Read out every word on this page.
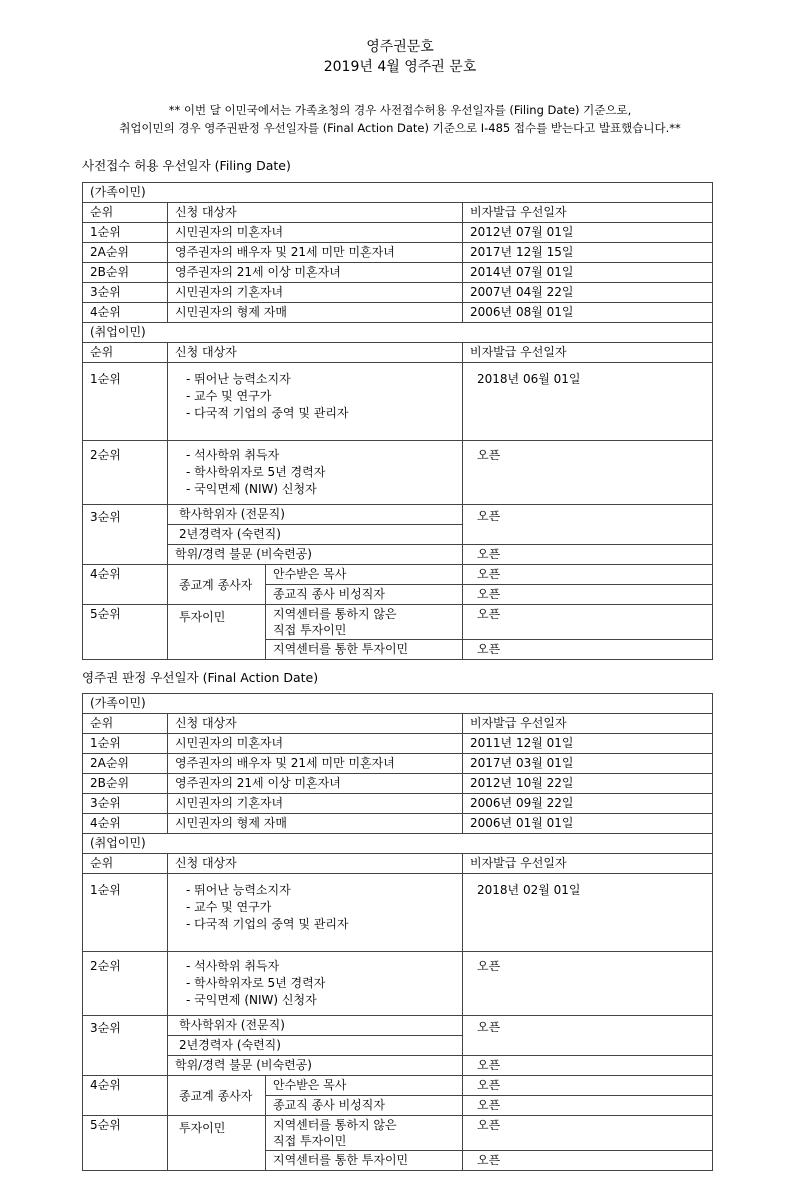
영주권문호
2019년 4월 영주권 문호
** 이번 달 이민국에서는 가족초청의 경우 사전접수허용 우선일자를 (Filing Date) 기준으로,
취업이민의 경우 영주권판정 우선일자를 (Final Action Date) 기준으로 I-485 접수를 받는다고 발표했습니다.**
사전접수 허용 우선일자 (Filing Date)
(가족이민)			
순위	신청 대상자		비자발급 우선일자
1순위	시민권자의 미혼자녀		2012년 07월 01일
2A순위	영주권자의 배우자 및 21세 미만 미혼자녀		2017년 12월 15일
2B순위	영주권자의 21세 이상 미혼자녀		2014년 07월 01일
3순위	시민권자의 기혼자녀		2007년 04월 22일
4순위	시민권자의 형제 자매		2006년 08월 01일
(취업이민)			
순위	신청 대상자		비자발급 우선일자
1순위	- 뛰어난 능력소지자

- 교수 및 연구가

- 다국적 기업의 중역 및 관리자		2018년 06월 01일
2순위	- 석사학위 취득자

- 학사학위자로 5년 경력자

- 국익면제 (NIW) 신청자		오픈
3순위	학사학위자 (전문직)		오픈
	2년경력자 (숙련직)		
	학위/경력 불문 (비숙련공)		오픈
4순위	종교계 종사자	안수받은 목사	오픈
		종교직 종사 비성직자	오픈
5순위	투자이민	지역센터를 통하지 않은

직접 투자이민	오픈
		지역센터를 통한 투자이민	오픈
영주권 판정 우선일자 (Final Action Date)
(가족이민)			
순위	신청 대상자		비자발급 우선일자
1순위	시민권자의 미혼자녀		2011년 12월 01일
2A순위	영주권자의 배우자 및 21세 미만 미혼자녀		2017년 03월 01일
2B순위	영주권자의 21세 이상 미혼자녀		2012년 10월 22일
3순위	시민권자의 기혼자녀		2006년 09월 22일
4순위	시민권자의 형제 자매		2006년 01월 01일
(취업이민)			
순위	신청 대상자		비자발급 우선일자
1순위	- 뛰어난 능력소지자

- 교수 및 연구가

- 다국적 기업의 중역 및 관리자		2018년 02월 01일
2순위	- 석사학위 취득자

- 학사학위자로 5년 경력자

- 국익면제 (NIW) 신청자		오픈
3순위	학사학위자 (전문직)		오픈
	2년경력자 (숙련직)		
	학위/경력 불문 (비숙련공)		오픈
4순위	종교계 종사자	안수받은 목사	오픈
		종교직 종사 비성직자	오픈
5순위	투자이민	지역센터를 통하지 않은

직접 투자이민	오픈
		지역센터를 통한 투자이민	오픈
